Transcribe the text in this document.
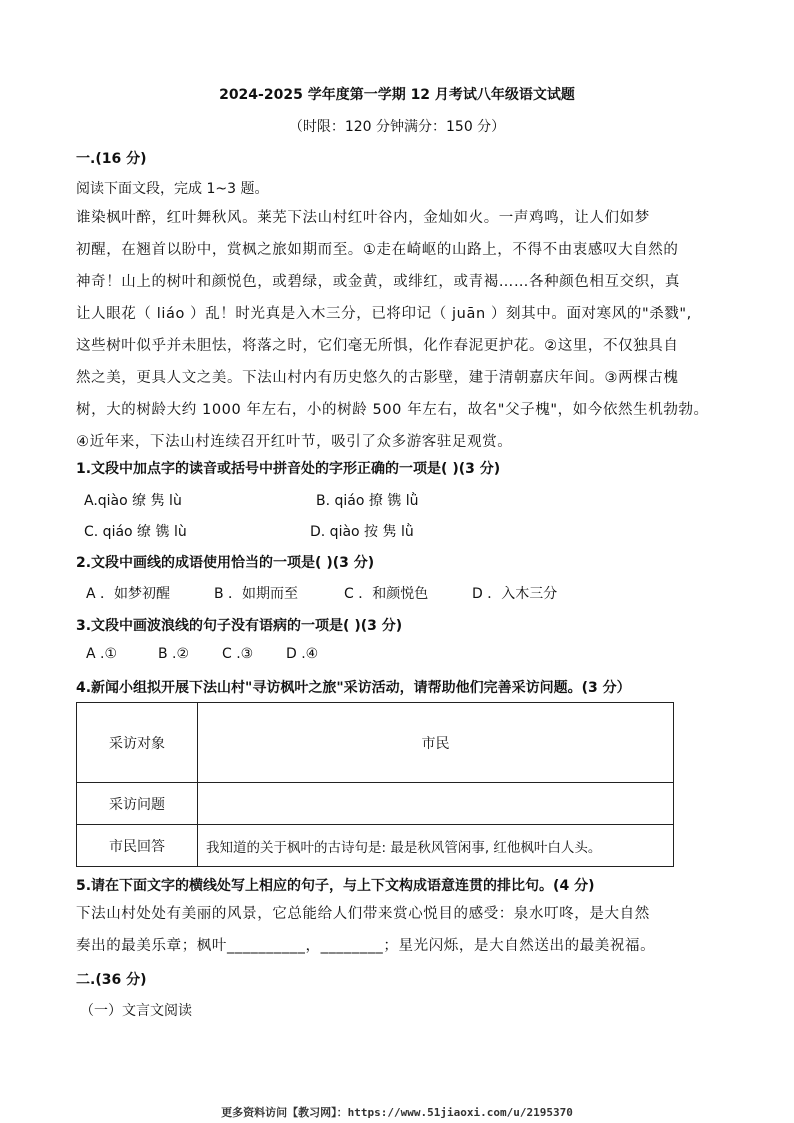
2024-2025 学年度第一学期 12 月考试八年级语文试题
（时限：120 分钟满分：150 分）
一.(16 分)
阅读下面文段，完成 1~3 题。
谁染枫叶醉，红叶舞秋风。莱芜下法山村红叶谷内，金灿如火。一声鸡鸣，让人们如梦
初醒，在翘首以盼中，赏枫之旅如期而至。①走在崎岖的山路上，不得不由衷感叹大自然的
神奇！山上的树叶和颜悦色，或碧绿，或金黄，或绯红，或青褐……各种颜色相互交织，真
让人眼花（ liáo ）乱！时光真是入木三分，已将印记（ juān ）刻其中。面对寒风的"杀戮",
这些树叶似乎并未胆怯，将落之时，它们毫无所惧，化作春泥更护花。②这里，不仅独具自
然之美，更具人文之美。下法山村内有历史悠久的古影壁，建于清朝嘉庆年间。③两棵古槐
树，大的树龄大约 1000 年左右，小的树龄 500 年左右，故名"父子槐"，如今依然生机勃勃。
④近年来，下法山村连续召开红叶节，吸引了众多游客驻足观赏。
1.文段中加点字的读音或括号中拼音处的字形正确的一项是( )(3 分)
A.qiào 缭 隽 lù	B. qiáo 撩 镌 lǜ
C. qiáo 缭 镌 lù	D. qiào 按 隽 lǜ
2.文段中画线的成语使用恰当的一项是( )(3 分)
A ．如梦初醒	B ．如期而至	C ．和颜悦色	D ．入木三分
3.文段中画波浪线的句子没有语病的一项是( )(3 分)
A .①	B .② C .③ D .④
4.新闻小组拟开展下法山村"寻访枫叶之旅"采访活动，请帮助他们完善采访问题。(3 分）
采访对象	市民
采访问题	
市民回答	我知道的关于枫叶的古诗句是: 最是秋风管闲事, 红他枫叶白人头。
5.请在下面文字的横线处写上相应的句子，与上下文构成语意连贯的排比句。(4 分)
下法山村处处有美丽的风景，它总能给人们带来赏心悦目的感受：泉水叮咚，是大自然
奏出的最美乐章；枫叶__________，________；星光闪烁，是大自然送出的最美祝福。
二.(36 分)
（一）文言文阅读
更多资料访问【教习网】：https://www.51jiaoxi.com/u/2195370
